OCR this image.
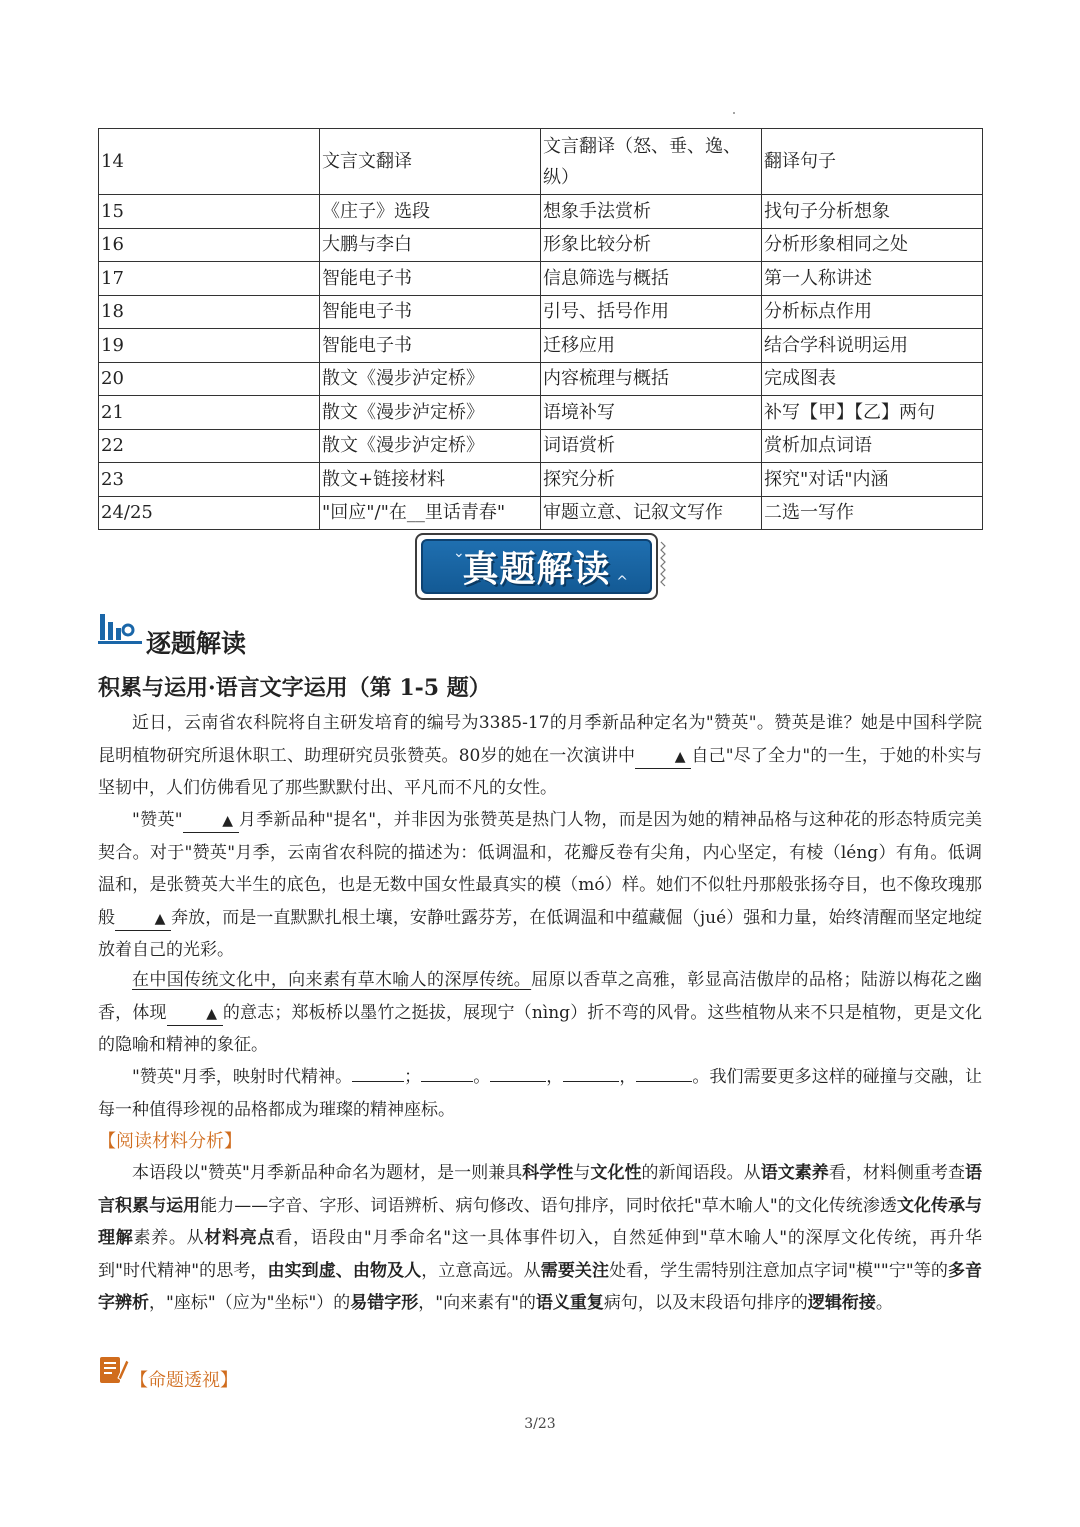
14	文言文翻译	文言翻译（怒、垂、逸、纵）	翻译句子
15	《庄子》选段	想象手法赏析	找句子分析想象
16	大鹏与李白	形象比较分析	分析形象相同之处
17	智能电子书	信息筛选与概括	第一人称讲述
18	智能电子书	引号、括号作用	分析标点作用
19	智能电子书	迁移应用	结合学科说明运用
20	散文《漫步泸定桥》	内容梳理与概括	完成图表
21	散文《漫步泸定桥》	语境补写	补写【甲】【乙】两句
22	散文《漫步泸定桥》	词语赏析	赏析加点词语
23	散文+链接材料	探究分析	探究"对话"内涵
24/25	"回应"/"在__里话青春"	审题立意、记叙文写作	二选一写作
⌄
真题解读 ^
逐题解读
积累与运用·语言文字运用（第 1-5 题）
近日，云南省农科院将自主研发培育的编号为3385-17的月季新品种定名为"赞英"。赞英是谁？她是中国科学院昆明植物研究所退休职工、助理研究员张赞英。80岁的她在一次演讲中	▲ 自己"尽了全力"的一生，于她的朴实与坚韧中，人们仿佛看见了那些默默付出、平凡而不凡的女性。
"赞英"	▲ 月季新品种"提名"，并非因为张赞英是热门人物，而是因为她的精神品格与这种花的形态特质完美契合。对于"赞英"月季，云南省农科院的描述为：低调温和，花瓣反卷有尖角，内心坚定，有棱（léng）有角。低调温和，是张赞英大半生的底色，也是无数中国女性最真实的模（mó）样。她们不似牡丹那般张扬夺目，也不像玫瑰那般	▲ 奔放，而是一直默默扎根土壤，安静吐露芬芳，在低调温和中蕴藏倔（jué）强和力量，始终清醒而坚定地绽放着自己的光彩。
在中国传统文化中，向来素有草木喻人的深厚传统。屈原以香草之高雅，彰显高洁傲岸的品格；陆游以梅花之幽香，体现	▲ 的意志；郑板桥以墨竹之挺拔，展现宁（nìng）折不弯的风骨。这些植物从来不只是植物，更是文化的隐喻和精神的象征。
"赞英"月季，映射时代精神。	；	。	，	，	。我们需要更多这样的碰撞与交融，让每一种值得珍视的品格都成为璀璨的精神座标。
【阅读材料分析】
本语段以"赞英"月季新品种命名为题材，是一则兼具科学性与文化性的新闻语段。从语文素养看，材料侧重考查语言积累与运用能力——字音、字形、词语辨析、病句修改、语句排序，同时依托"草木喻人"的文化传统渗透文化传承与理解素养。从材料亮点看，语段由"月季命名"这一具体事件切入，自然延伸到"草木喻人"的深厚文化传统，再升华到"时代精神"的思考，由实到虚、由物及人，立意高远。从需要关注处看，学生需特别注意加点字词"模""宁"等的多音字辨析，"座标"（应为"坐标"）的易错字形，"向来素有"的语义重复病句，以及末段语句排序的逻辑衔接。
【命题透视】
3/23
